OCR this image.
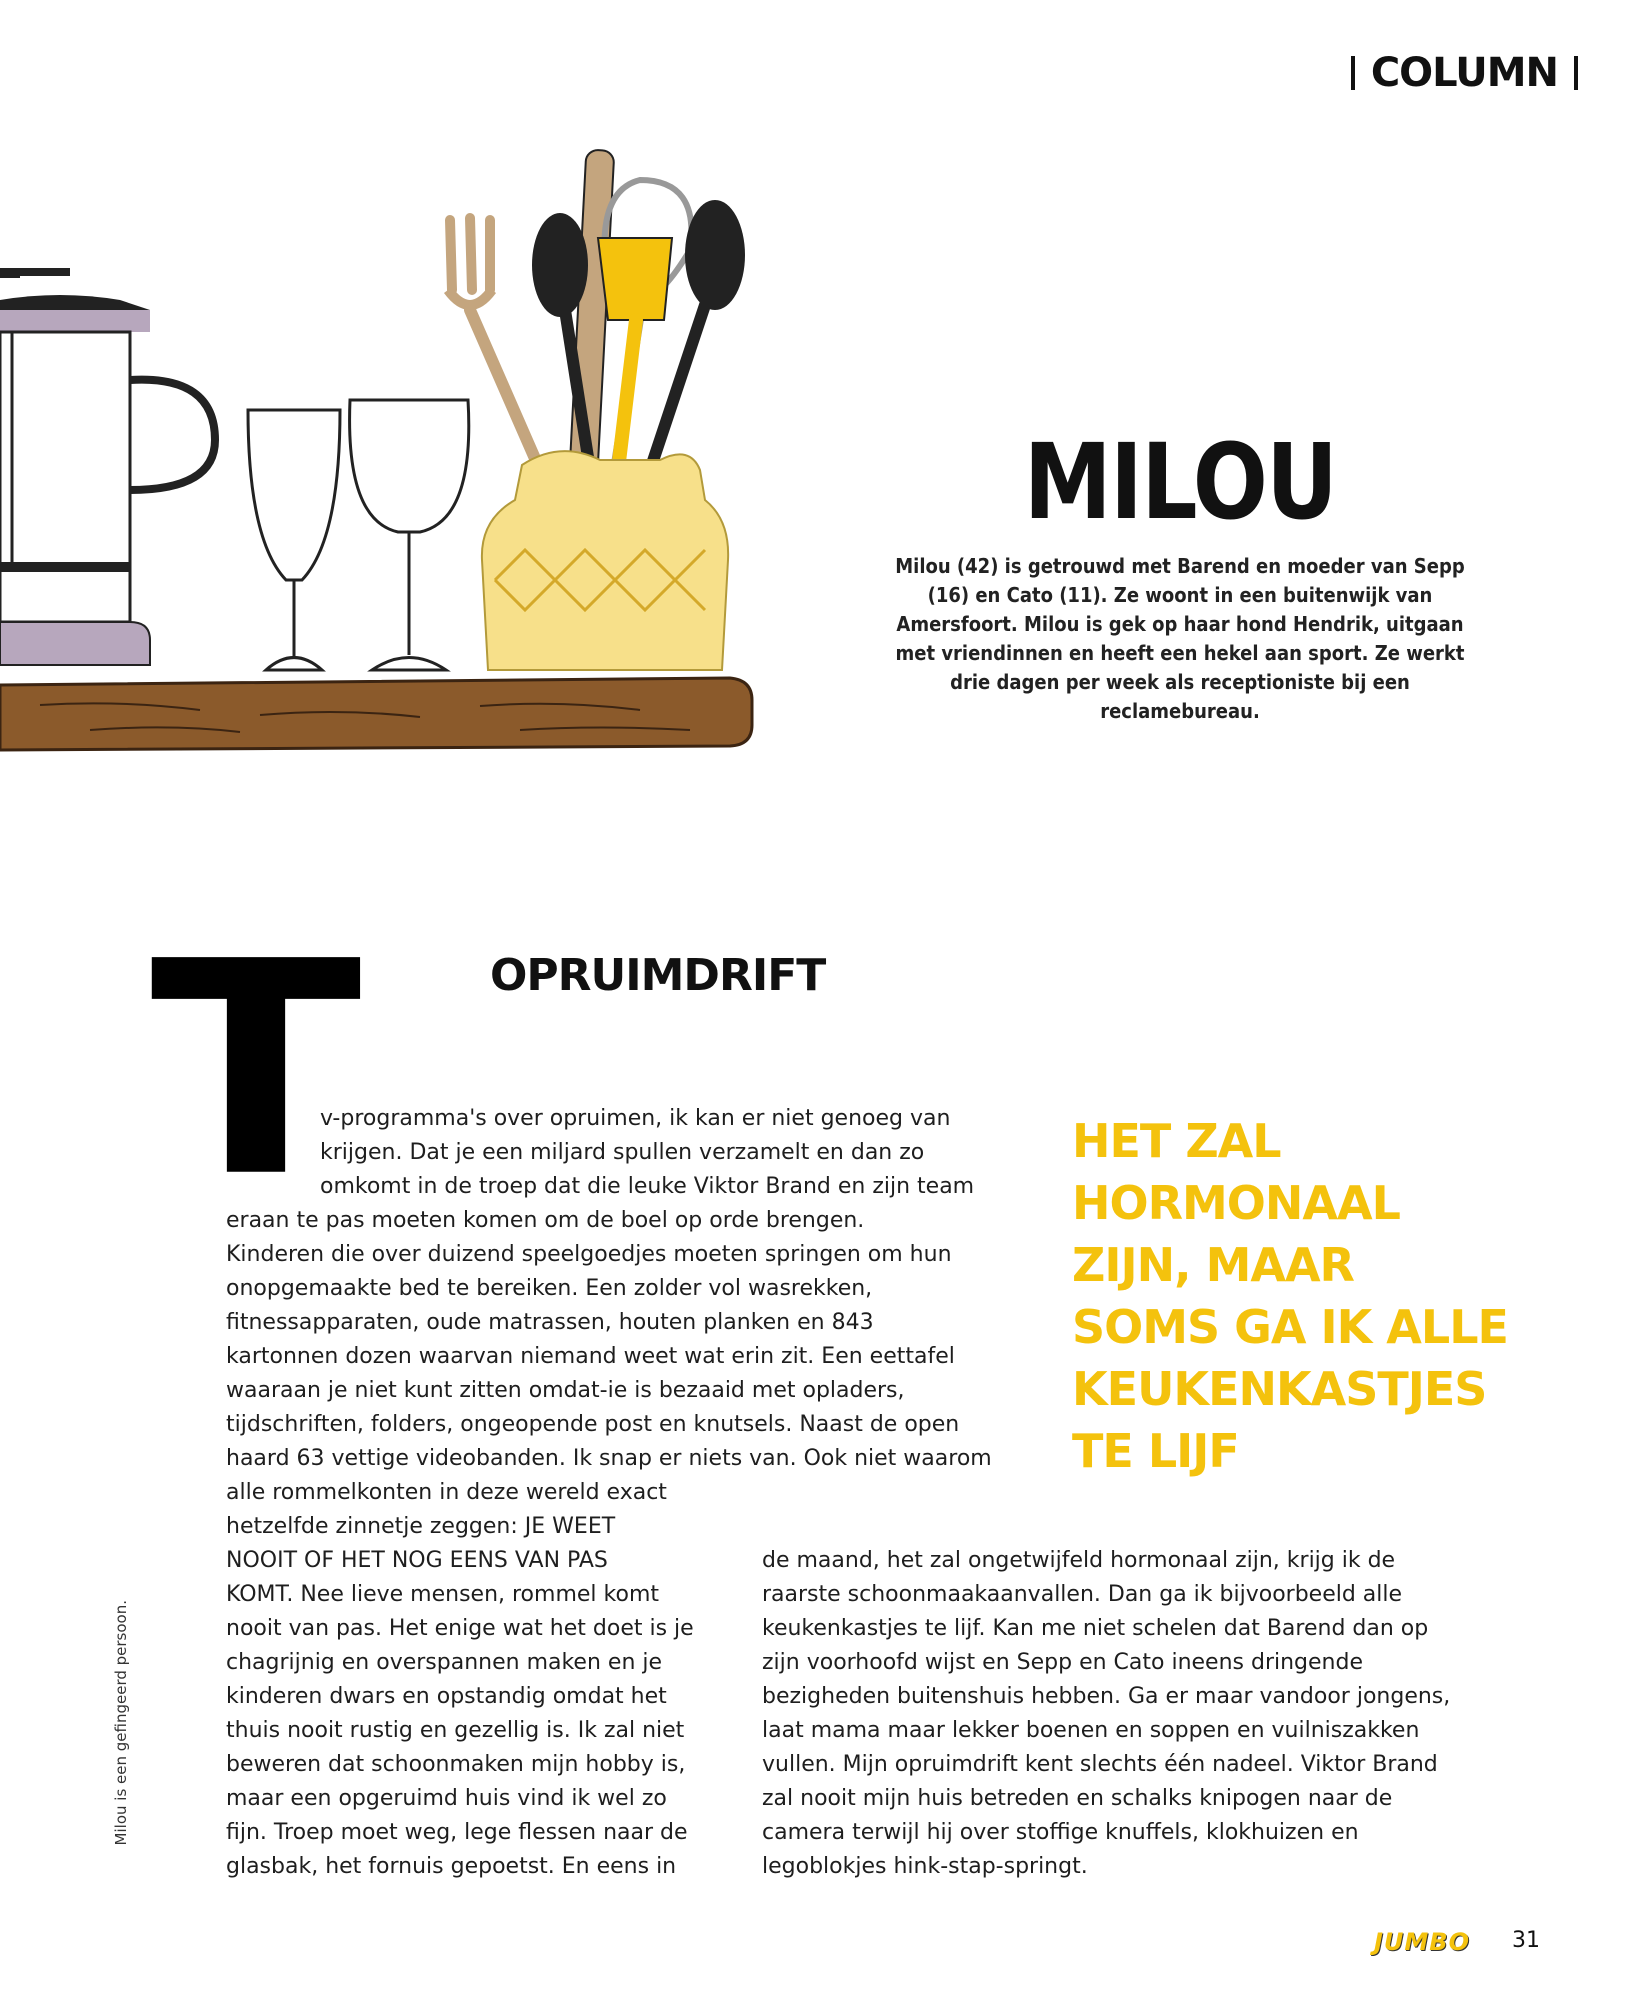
COLUMN
MILOU

Milou (42) is getrouwd met Barend en moeder van Sepp (16) en Cato (11). Ze woont in een buitenwijk van Amersfoort. Milou is gek op haar hond Hendrik, uitgaan met vriendinnen en heeft een hekel aan sport. Ze werkt drie dagen per week als receptioniste bij een reclamebureau.

T	OPRUIMDRIFT

v-programma's over opruimen, ik kan er niet genoeg van
krijgen. Dat je een miljard spullen verzamelt en dan zo
omkomt in de troep dat die leuke Viktor Brand en zijn team
eraan te pas moeten komen om de boel op orde brengen.
Kinderen die over duizend speelgoedjes moeten springen om hun
onopgemaakte bed te bereiken. Een zolder vol wasrekken,
fitnessapparaten, oude matrassen, houten planken en 843
kartonnen dozen waarvan niemand weet wat erin zit. Een eettafel
waaraan je niet kunt zitten omdat-ie is bezaaid met opladers,
tijdschriften, folders, ongeopende post en knutsels. Naast de open
haard 63 vettige videobanden. Ik snap er niets van. Ook niet waarom

alle rommelkonten in deze wereld exact
hetzelfde zinnetje zeggen: JE WEET
NOOIT OF HET NOG EENS VAN PAS
KOMT. Nee lieve mensen, rommel komt
nooit van pas. Het enige wat het doet is je
chagrijnig en overspannen maken en je
kinderen dwars en opstandig omdat het
thuis nooit rustig en gezellig is. Ik zal niet
beweren dat schoonmaken mijn hobby is,
maar een opgeruimd huis vind ik wel zo
fijn. Troep moet weg, lege flessen naar de
glasbak, het fornuis gepoetst. En eens in

de maand, het zal ongetwijfeld hormonaal zijn, krijg ik de
raarste schoonmaakaanvallen. Dan ga ik bijvoorbeeld alle
keukenkastjes te lijf. Kan me niet schelen dat Barend dan op
zijn voorhoofd wijst en Sepp en Cato ineens dringende
bezigheden buitenshuis hebben. Ga er maar vandoor jongens,
laat mama maar lekker boenen en soppen en vuilniszakken
vullen. Mijn opruimdrift kent slechts één nadeel. Viktor Brand
zal nooit mijn huis betreden en schalks knipogen naar de
camera terwijl hij over stoffige knuffels, klokhuizen en
legoblokjes hink-stap-springt.

HET ZAL
HORMONAAL
ZIJN, MAAR
SOMS GA IK ALLE
KEUKENKASTJES
TE LIJF
Milou is een gefingeerd persoon.
JUMBO 31
